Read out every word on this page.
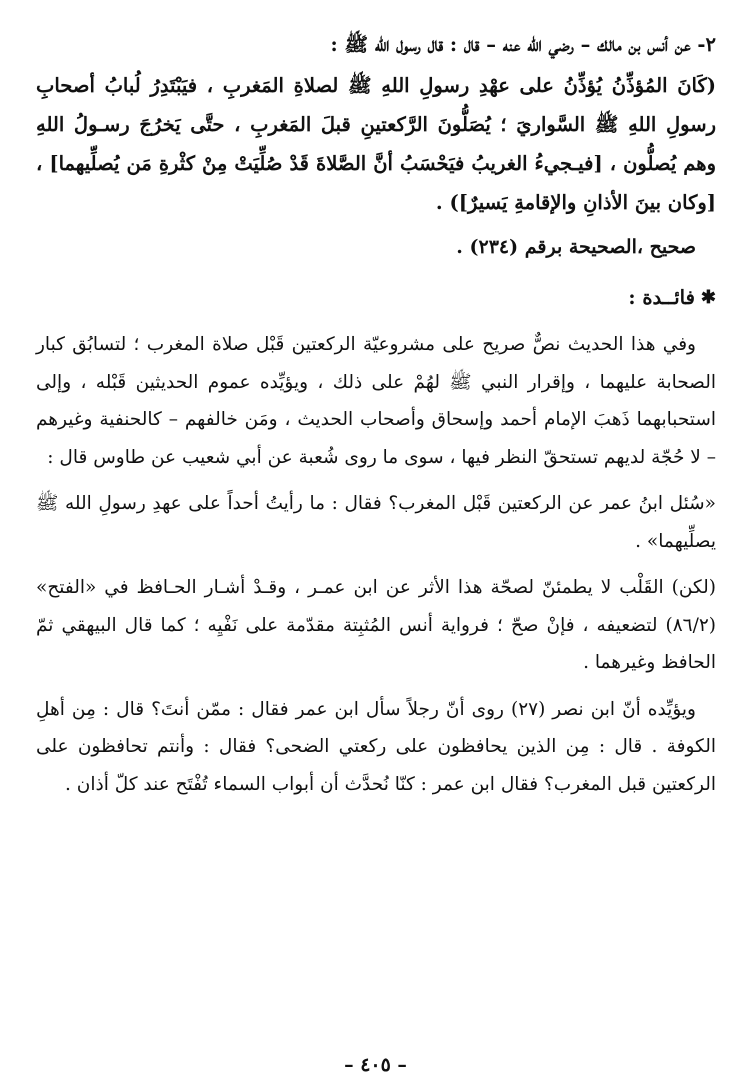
٢- عن أنس بن مالك – رضي الله عنه – قال : قال رسول الله ﷺ :

(كَانَ المُؤذِّنُ يُؤذِّنُ على عهْدِ رسولِ اللهِ ﷺ لصلاةِ المَغربِ ، فيَبْتَدِرُ لُبابُ أصحابِ رسولِ اللهِ ﷺ السَّواريَ ؛ يُصَلُّونَ الرَّكعتينِ قبلَ المَغربِ ، حتَّى يَخرُجَ رسـولُ اللهِ وهم يُصلُّون ، [فيـجيءُ الغريبُ فيَحْسَبُ أنَّ الصَّلاةَ قَدْ صُلِّيَتْ مِنْ كثْرةِ مَن يُصلِّيهما] ، [وكان بينَ الأذانِ والإقامةِ يَسيرٌ]) .

صحيح ،الصحيحة برقم (٢٣٤) .

✱
فائــدة :

وفي هذا الحديث نصٌّ صريح على مشروعيّة الركعتين قَبْل صلاة المغرب ؛ لتسابُق كبار الصحابة عليهما ، وإقرار النبي ﷺ لهُمْ على ذلك ، ويؤيِّده عموم الحديثين قَبْله ، وإلى استحبابهما ذَهبَ الإمام أحمد وإسحاق وأصحاب الحديث ، ومَن خالفهم – كالحنفية وغيرهم – لا حُجّة لديهم تستحقّ النظر فيها ، سوى ما روى شُعبة عن أبي شعيب عن طاوس قال :

«سُئل ابنُ عمر عن الركعتين قَبْل المغرب؟ فقال : ما رأيتُ أحداً على عهدِ رسولِ الله ﷺ يصلِّيهما» .

(لكن) القَلْب لا يطمئنّ لصحّة هذا الأثر عن ابن عمـر ، وقـدْ أشـار الحـافظ في «الفتح» (٨٦/٢) لتضعيفه ، فإنْ صحّ ؛ فرواية أنس المُثبِتة مقدّمة على نَفْيِه ؛ كما قال البيهقي ثمّ الحافظ وغيرهما .

ويؤيِّده أنّ ابن نصر (٢٧) روى أنّ رجلاً سأل ابن عمر فقال : ممّن أنتَ؟ قال : مِن أهلِ الكوفة . قال : مِن الذين يحافظون على ركعتي الضحى؟ فقال : وأنتم تحافظون على الركعتين قبل المغرب؟ فقال ابن عمر : كنّا نُحدَّث أن أبواب السماء تُفْتَح عند كلّ أذان .

– ٤٠٥ –
